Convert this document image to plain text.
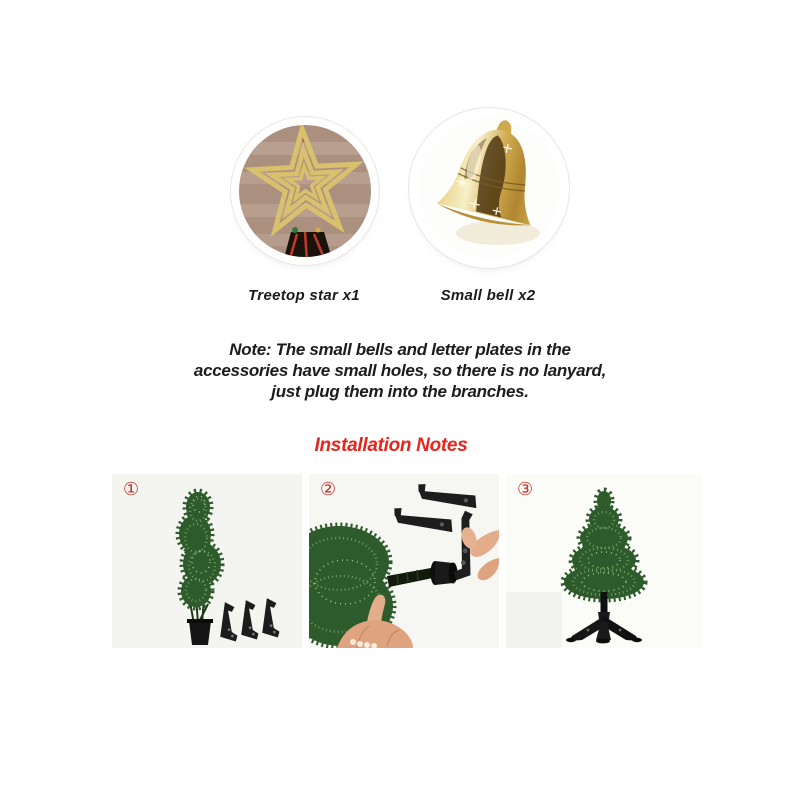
Treetop star x1	Small bell x2
Note: The small bells and letter plates in the
accessories have small holes, so there is no lanyard,
just plug them into the branches.
Installation Notes
①	②	③
